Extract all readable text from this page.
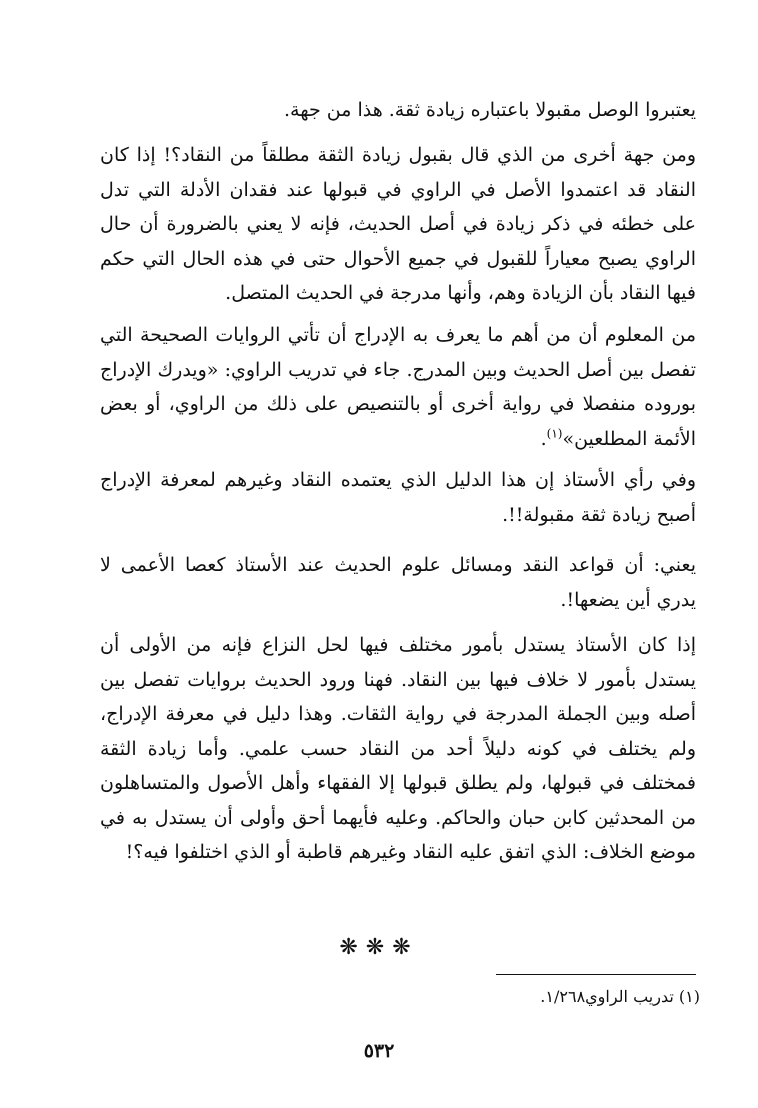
يعتبروا الوصل مقبولا باعتباره زيادة ثقة. هذا من جهة.

ومن جهة أخرى من الذي قال بقبول زيادة الثقة مطلقاً من النقاد؟! إذا كان النقاد قد اعتمدوا الأصل في الراوي في قبولها عند فقدان الأدلة التي تدل على خطئه في ذكر زيادة في أصل الحديث، فإنه لا يعني بالضرورة أن حال الراوي يصبح معياراً للقبول في جميع الأحوال حتى في هذه الحال التي حكم فيها النقاد بأن الزيادة وهم، وأنها مدرجة في الحديث المتصل.

من المعلوم أن من أهم ما يعرف به الإدراج أن تأتي الروايات الصحيحة التي تفصل بين أصل الحديث وبين المدرج. جاء في تدريب الراوي: «ويدرك الإدراج بوروده منفصلا في رواية أخرى أو بالتنصيص على ذلك من الراوي، أو بعض الأئمة المطلعين»$^{(١)}$.

وفي رأي الأستاذ إن هذا الدليل الذي يعتمده النقاد وغيرهم لمعرفة الإدراج أصبح زيادة ثقة مقبولة!!.

يعني: أن قواعد النقد ومسائل علوم الحديث عند الأستاذ كعصا الأعمى لا يدري أين يضعها!.

إذا كان الأستاذ يستدل بأمور مختلف فيها لحل النزاع فإنه من الأولى أن يستدل بأمور لا خلاف فيها بين النقاد. فهنا ورود الحديث بروايات تفصل بين أصله وبين الجملة المدرجة في رواية الثقات. وهذا دليل في معرفة الإدراج، ولم يختلف في كونه دليلاً أحد من النقاد حسب علمي. وأما زيادة الثقة فمختلف في قبولها، ولم يطلق قبولها إلا الفقهاء وأهل الأصول والمتساهلون من المحدثين كابن حبان والحاكم. وعليه فأيهما أحق وأولى أن يستدل به في موضع الخلاف: الذي اتفق عليه النقاد وغيرهم قاطبة أو الذي اختلفوا فيه؟!

❋❋❋
(١) تدريب الراوي١/٢٦٨.
٥٣٢
